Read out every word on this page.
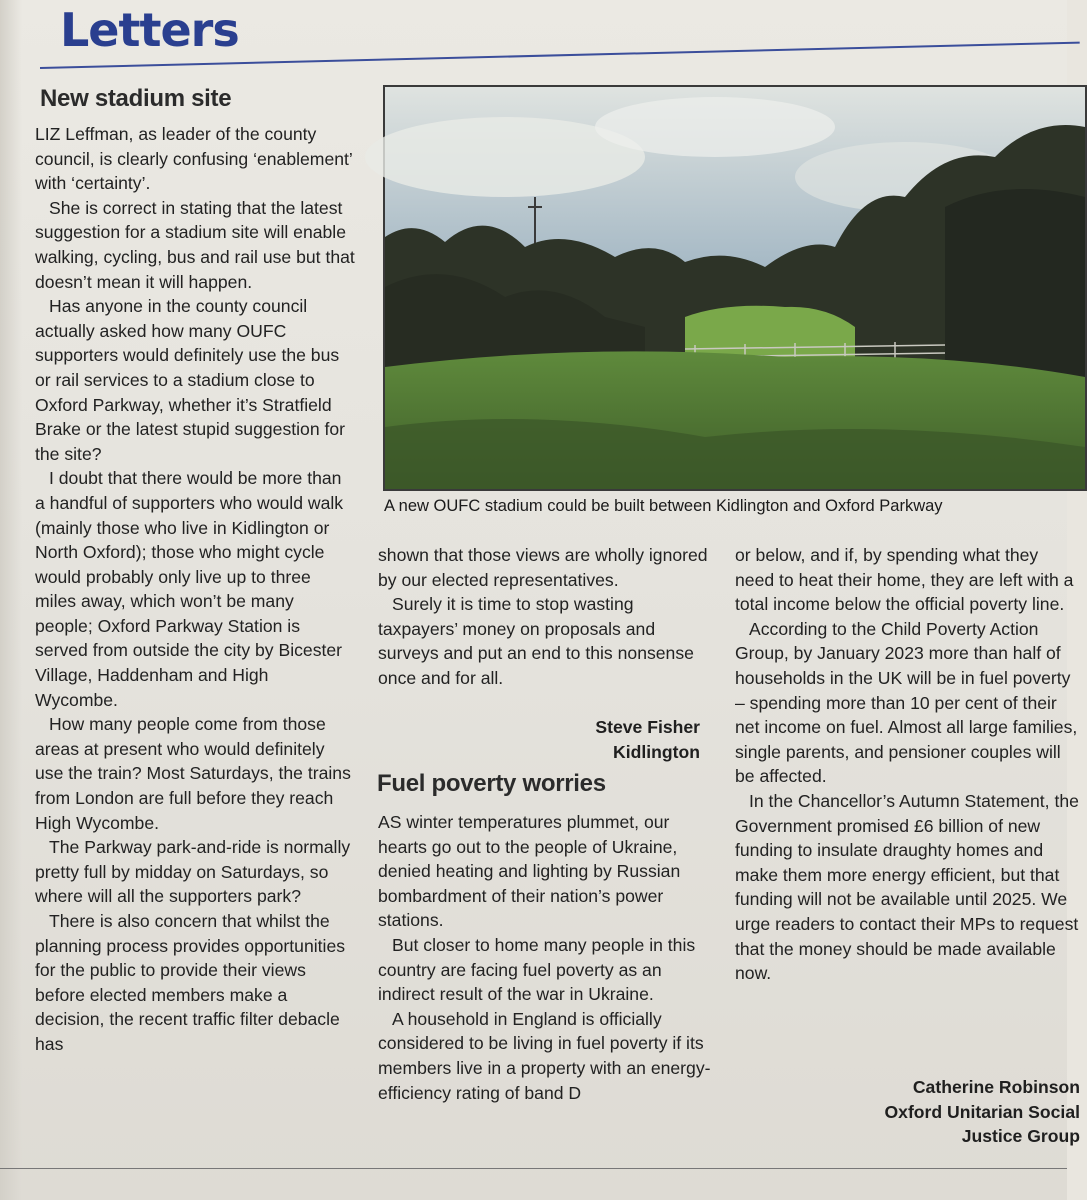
Letters
New stadium site

LIZ Leffman, as leader of the county council, is clearly confusing ‘enablement’ with ‘certainty’.

She is correct in stating that the latest suggestion for a stadium site will enable walking, cycling, bus and rail use but that doesn’t mean it will happen.

Has anyone in the county council actually asked how many OUFC supporters would definitely use the bus or rail services to a stadium close to Oxford Parkway, whether it’s Stratfield Brake or the latest stupid suggestion for the site?

I doubt that there would be more than a handful of supporters who would walk (mainly those who live in Kidlington or North Oxford); those who might cycle would probably only live up to three miles away, which won’t be many people; Oxford Parkway Station is served from outside the city by Bicester Village, Haddenham and High Wycombe.

How many people come from those areas at present who would definitely use the train? Most Saturdays, the trains from London are full before they reach High Wycombe.

The Parkway park-and-ride is normally pretty full by midday on Saturdays, so where will all the supporters park?

There is also concern that whilst the planning process provides opportunities for the public to provide their views before elected members make a decision, the recent traffic filter debacle has

A new OUFC stadium could be built between Kidlington and Oxford Parkway

shown that those views are wholly ignored by our elected representatives.

Surely it is time to stop wasting taxpayers’ money on proposals and surveys and put an end to this nonsense once and for all.

Steve Fisher
Kidlington
Fuel poverty worries

AS winter temperatures plummet, our hearts go out to the people of Ukraine, denied heating and lighting by Russian bombardment of their nation’s power stations.

But closer to home many people in this country are facing fuel poverty as an indirect result of the war in Ukraine.

A household in England is officially considered to be living in fuel poverty if its members live in a property with an energy-efficiency rating of band D

or below, and if, by spending what they need to heat their home, they are left with a total income below the official poverty line.

According to the Child Poverty Action Group, by January 2023 more than half of households in the UK will be in fuel poverty – spending more than 10 per cent of their net income on fuel. Almost all large families, single parents, and pensioner couples will be affected.

In the Chancellor’s Autumn Statement, the Government promised £6 billion of new funding to insulate draughty homes and make them more energy efficient, but that funding will not be available until 2025. We urge readers to contact their MPs to request that the money should be made available now.

Catherine Robinson
Oxford Unitarian Social
Justice Group
